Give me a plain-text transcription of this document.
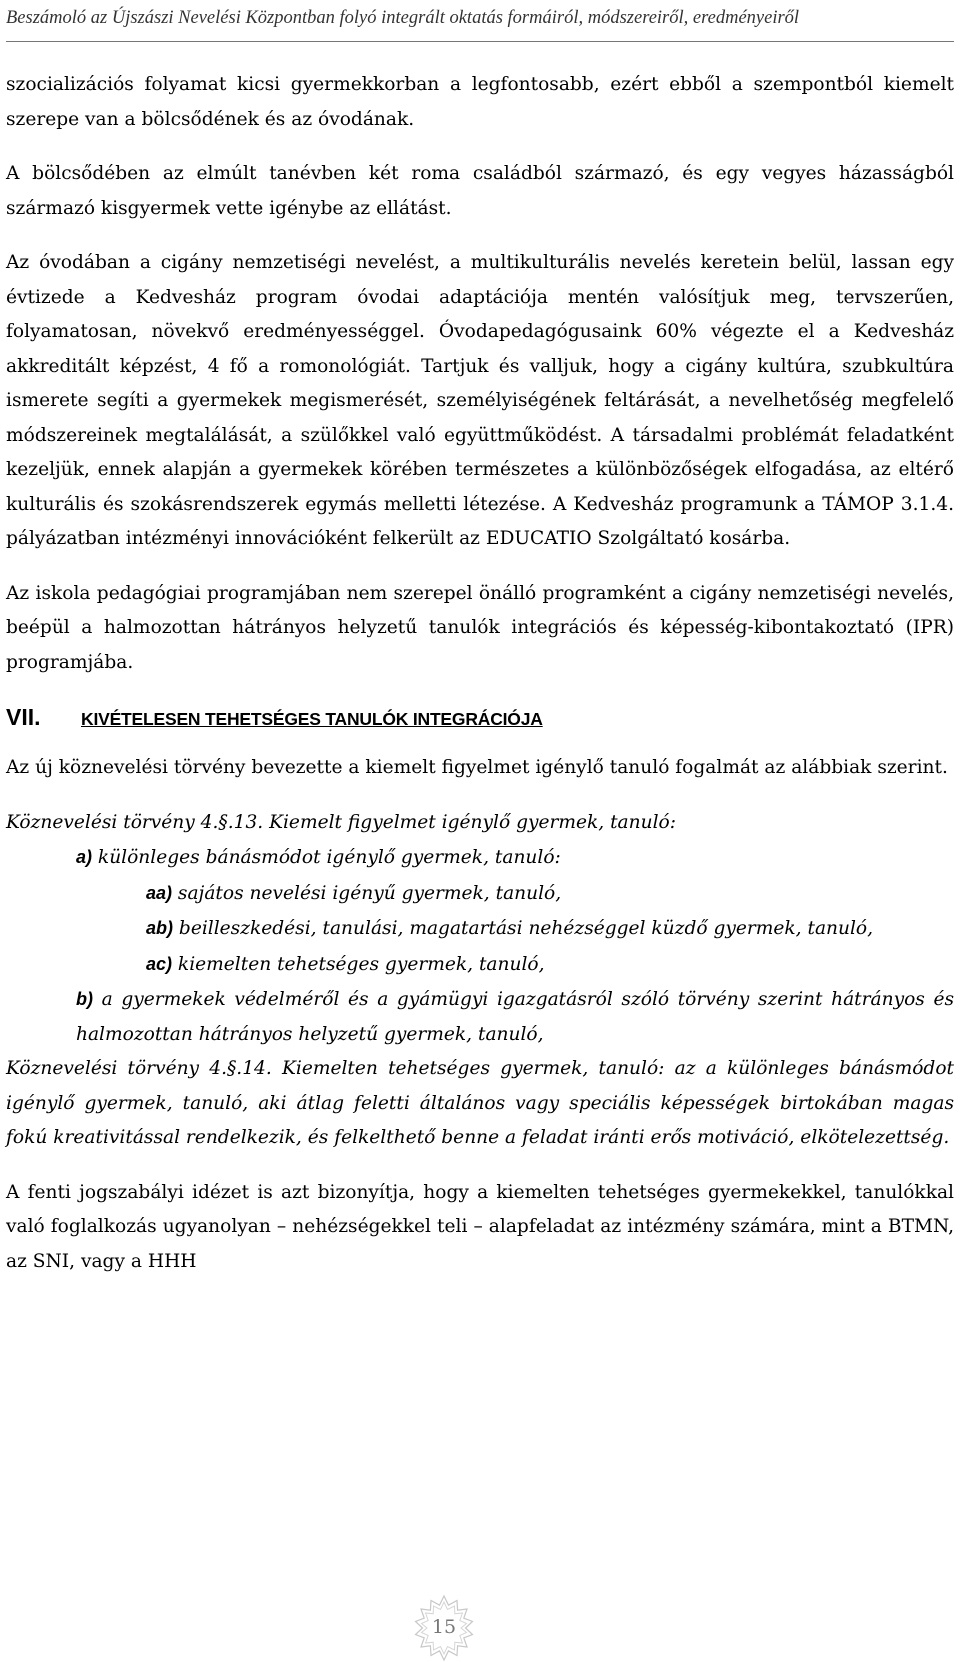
Beszámoló az Újszászi Nevelési Központban folyó integrált oktatás formáiról, módszereiről, eredményeiről

szocializációs folyamat kicsi gyermekkorban a legfontosabb, ezért ebből a szempontból kiemelt szerepe van a bölcsődének és az óvodának.

A bölcsődében az elmúlt tanévben két roma családból származó, és egy vegyes házasságból származó kisgyermek vette igénybe az ellátást.

Az óvodában a cigány nemzetiségi nevelést, a multikulturális nevelés keretein belül, lassan egy évtizede a Kedvesház program óvodai adaptációja mentén valósítjuk meg, tervszerűen, folyamatosan, növekvő eredményességgel. Óvodapedagógusaink 60% végezte el a Kedvesház akkreditált képzést, 4 fő a romonológiát. Tartjuk és valljuk, hogy a cigány kultúra, szubkultúra ismerete segíti a gyermekek megismerését, személyiségének feltárását, a nevelhetőség megfelelő módszereinek megtalálását, a szülőkkel való együttműködést. A társadalmi problémát feladatként kezeljük, ennek alapján a gyermekek körében természetes a különbözőségek elfogadása, az eltérő kulturális és szokásrendszerek egymás melletti létezése. A Kedvesház programunk a TÁMOP 3.1.4. pályázatban intézményi innovációként felkerült az EDUCATIO Szolgáltató kosárba.

Az iskola pedagógiai programjában nem szerepel önálló programként a cigány nemzetiségi nevelés, beépül a halmozottan hátrányos helyzetű tanulók integrációs és képesség-kibontakoztató (IPR) programjába.

VII.	KIVÉTELESEN TEHETSÉGES TANULÓK INTEGRÁCIÓJA

Az új köznevelési törvény bevezette a kiemelt figyelmet igénylő tanuló fogalmát az alábbiak szerint.

Köznevelési törvény 4.§.13. Kiemelt figyelmet igénylő gyermek, tanuló:

a) különleges bánásmódot igénylő gyermek, tanuló:

aa) sajátos nevelési igényű gyermek, tanuló,

ab) beilleszkedési, tanulási, magatartási nehézséggel küzdő gyermek, tanuló,

ac) kiemelten tehetséges gyermek, tanuló,

b) a gyermekek védelméről és a gyámügyi igazgatásról szóló törvény szerint hátrányos és halmozottan hátrányos helyzetű gyermek, tanuló,

Köznevelési törvény 4.§.14. Kiemelten tehetséges gyermek, tanuló: az a különleges bánásmódot igénylő gyermek, tanuló, aki átlag feletti általános vagy speciális képességek birtokában magas fokú kreativitással rendelkezik, és felkelthető benne a feladat iránti erős motiváció, elkötelezettség.

A fenti jogszabályi idézet is azt bizonyítja, hogy a kiemelten tehetséges gyermekekkel, tanulókkal való foglalkozás ugyanolyan – nehézségekkel teli – alapfeladat az intézmény számára, mint a BTMN, az SNI, vagy a HHH

15
